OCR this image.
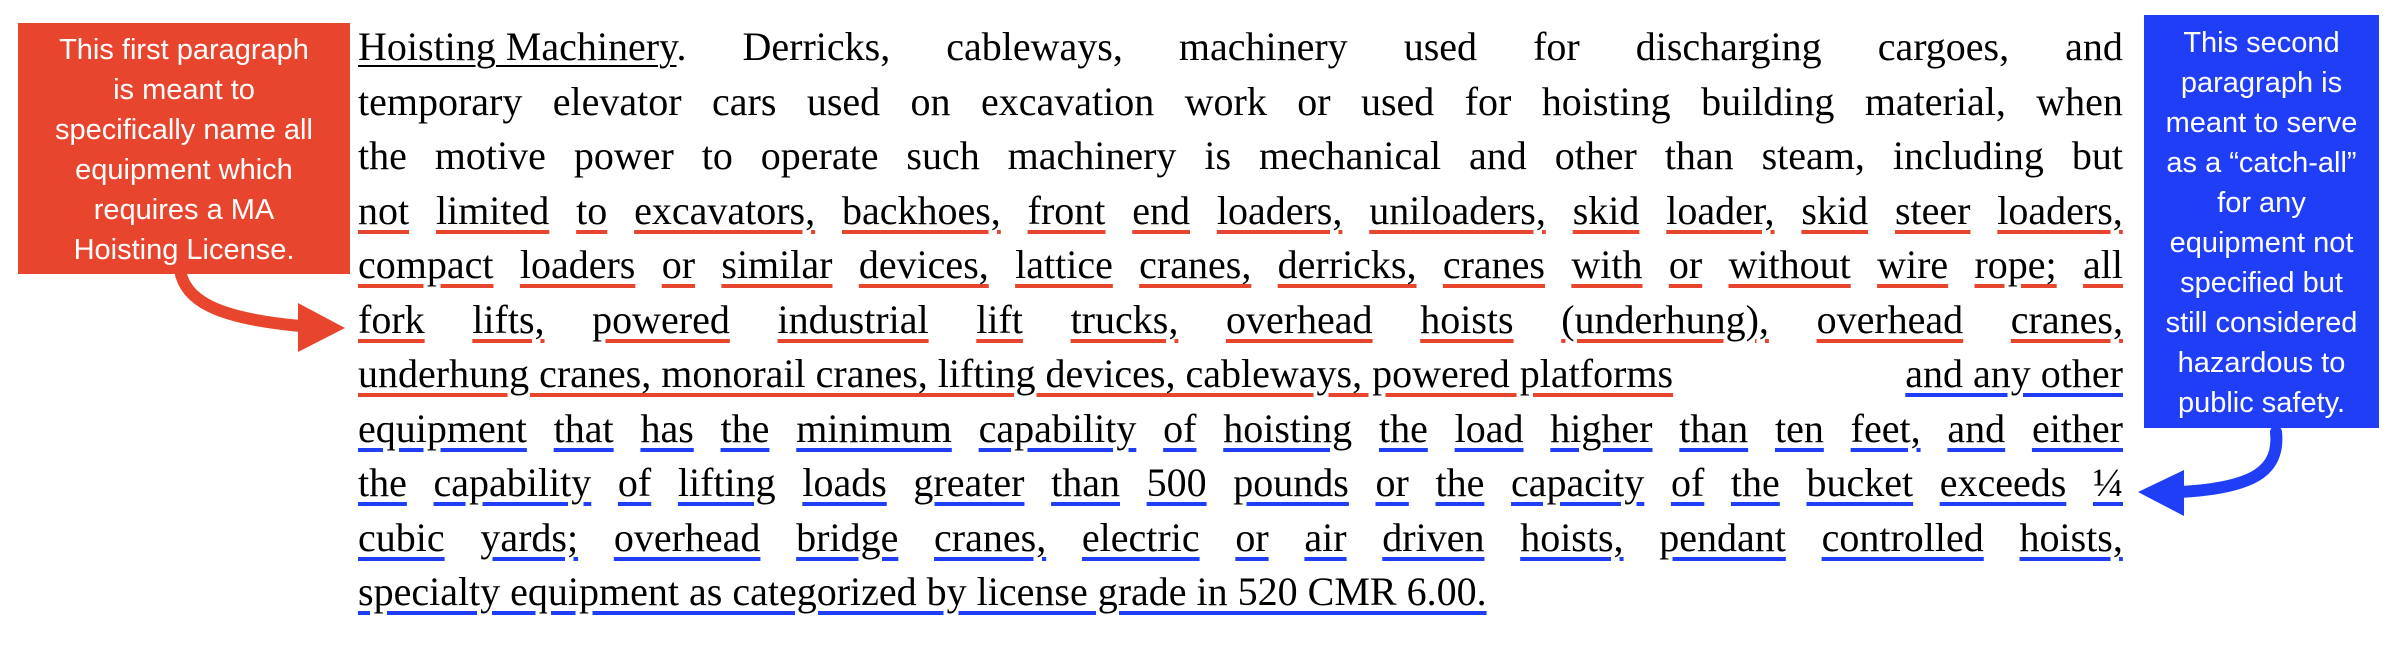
This first paragraph
is meant to
specifically name all
equipment which
requires a MA
Hoisting License.
This second
paragraph is
meant to serve
as a “catch-all”
for any
equipment not
specified but
still considered
hazardous to
public safety.
Hoisting Machinery. Derricks, cableways, machinery used for discharging cargoes, and
temporary elevator cars used on excavation work or used for hoisting building material, when
the motive power to operate such machinery is mechanical and other than steam, including but
not limited to excavators, backhoes, front end loaders, uniloaders, skid loader, skid steer loaders,
compact loaders or similar devices, lattice cranes, derricks, cranes with or without wire rope; all
fork lifts, powered industrial lift trucks, overhead hoists (underhung), overhead cranes,
underhung cranes, monorail cranes, lifting devices, cableways, powered platforms	and any other
equipment that has the minimum capability of hoisting the load higher than ten feet, and either
the capability of lifting loads greater than 500 pounds or the capacity of the bucket exceeds ¼
cubic yards; overhead bridge cranes, electric or air driven hoists, pendant controlled hoists,
specialty equipment as categorized by license grade in 520 CMR 6.00.
